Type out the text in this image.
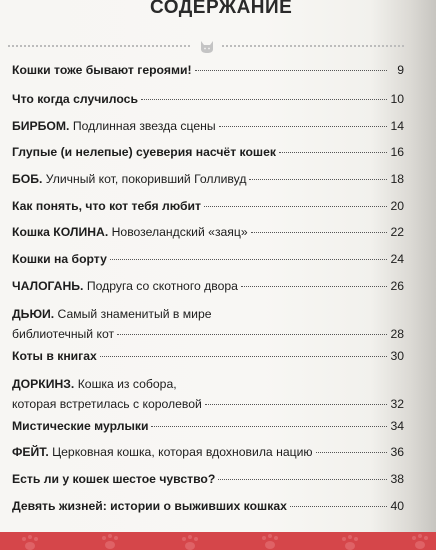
СОДЕРЖАНИЕ
Кошки тоже бывают героями!	9
Что когда случилось	10
БИРБОМ. Подлинная звезда сцены	14
Глупые (и нелепые) суеверия насчёт кошек	16
БОБ. Уличный кот, покоривший Голливуд	18
Как понять, что кот тебя любит	20
Кошка КОЛИНА. Новозеландский «заяц»	22
Кошки на борту	24
ЧАЛОГАНЬ. Подруга со скотного двора	26
ДЬЮИ. Самый знаменитый в мире
библиотечный кот	28
Коты в книгах	30
ДОРКИНЗ. Кошка из собора,
которая встретилась с королевой	32
Мистические мурлыки	34
ФЕЙТ. Церковная кошка, которая вдохновила нацию	36
Есть ли у кошек шестое чувство?	38
Девять жизней: истории о выживших кошках	40
